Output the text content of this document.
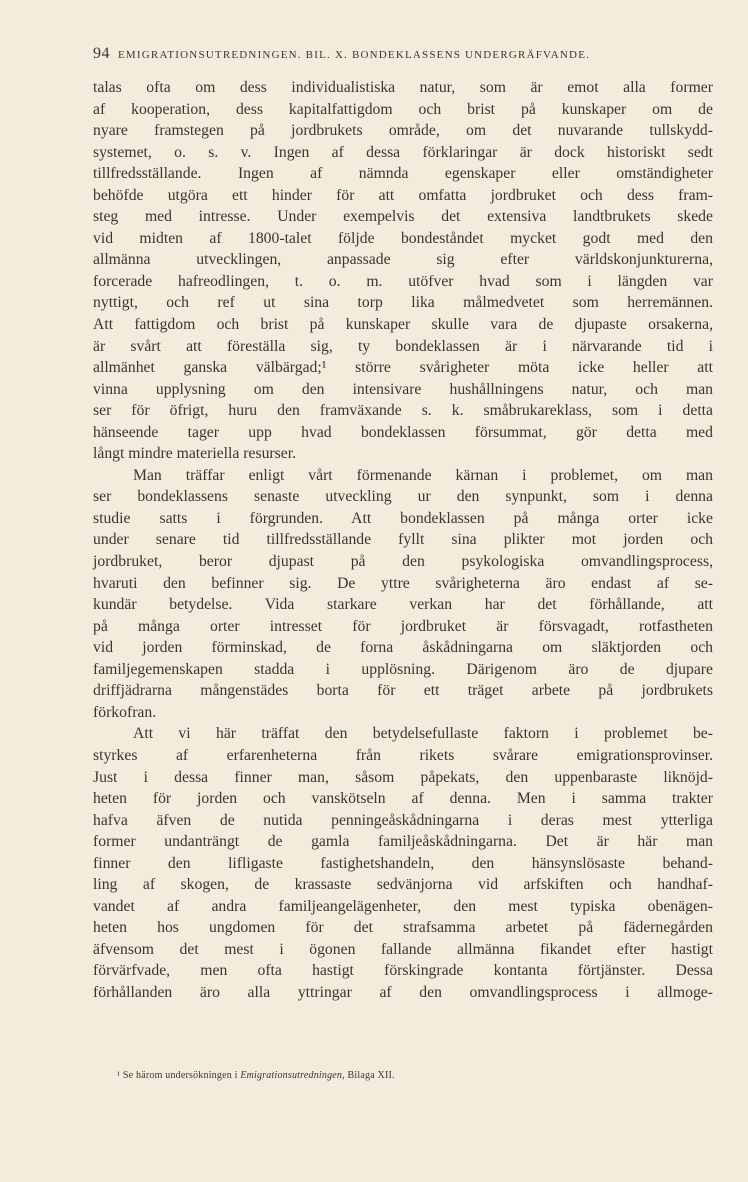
94 EMIGRATIONSUTREDNINGEN. BIL. X. BONDEKLASSENS UNDERGRÄFVANDE.
talas ofta om dess individualistiska natur, som är emot alla former
af kooperation, dess kapitalfattigdom och brist på kunskaper om de
nyare framstegen på jordbrukets område, om det nuvarande tullskydd-
systemet, o. s. v. Ingen af dessa förklaringar är dock historiskt sedt
tillfredsställande. Ingen af nämnda egenskaper eller omständigheter
behöfde utgöra ett hinder för att omfatta jordbruket och dess fram-
steg med intresse. Under exempelvis det extensiva landtbrukets skede
vid midten af 1800-talet följde bondeståndet mycket godt med den
allmänna utvecklingen, anpassade sig efter världskonjunkturerna,
forcerade hafreodlingen, t. o. m. utöfver hvad som i längden var
nyttigt, och ref ut sina torp lika målmedvetet som herremännen.
Att fattigdom och brist på kunskaper skulle vara de djupaste orsakerna,
är svårt att föreställa sig, ty bondeklassen är i närvarande tid i
allmänhet ganska välbärgad;¹ större svårigheter möta icke heller att
vinna upplysning om den intensivare hushållningens natur, och man
ser för öfrigt, huru den framväxande s. k. småbrukareklass, som i detta
hänseende tager upp hvad bondeklassen försummat, gör detta med
långt mindre materiella resurser.
Man träffar enligt vårt förmenande kärnan i problemet, om man
ser bondeklassens senaste utveckling ur den synpunkt, som i denna
studie satts i förgrunden. Att bondeklassen på många orter icke
under senare tid tillfredsställande fyllt sina plikter mot jorden och
jordbruket, beror djupast på den psykologiska omvandlingsprocess,
hvaruti den befinner sig. De yttre svårigheterna äro endast af se-
kundär betydelse. Vida starkare verkan har det förhållande, att
på många orter intresset för jordbruket är försvagadt, rotfastheten
vid jorden förminskad, de forna åskådningarna om släktjorden och
familjegemenskapen stadda i upplösning. Därigenom äro de djupare
driffjädrarna mångenstädes borta för ett träget arbete på jordbrukets
förkofran.
Att vi här träffat den betydelsefullaste faktorn i problemet be-
styrkes af erfarenheterna från rikets svårare emigrationsprovinser.
Just i dessa finner man, såsom påpekats, den uppenbaraste liknöjd-
heten för jorden och vanskötseln af denna. Men i samma trakter
hafva äfven de nutida penningeåskådningarna i deras mest ytterliga
former undanträngt de gamla familjeåskådningarna. Det är här man
finner den lifligaste fastighetshandeln, den hänsynslösaste behand-
ling af skogen, de krassaste sedvänjorna vid arfskiften och handhaf-
vandet af andra familjeangelägenheter, den mest typiska obenägen-
heten hos ungdomen för det strafsamma arbetet på fädernegården
äfvensom det mest i ögonen fallande allmänna fikandet efter hastigt
förvärfvade, men ofta hastigt förskingrade kontanta förtjänster. Dessa
förhållanden äro alla yttringar af den omvandlingsprocess i allmoge-
¹ Se härom undersökningen i Emigrationsutredningen, Bilaga XII.
